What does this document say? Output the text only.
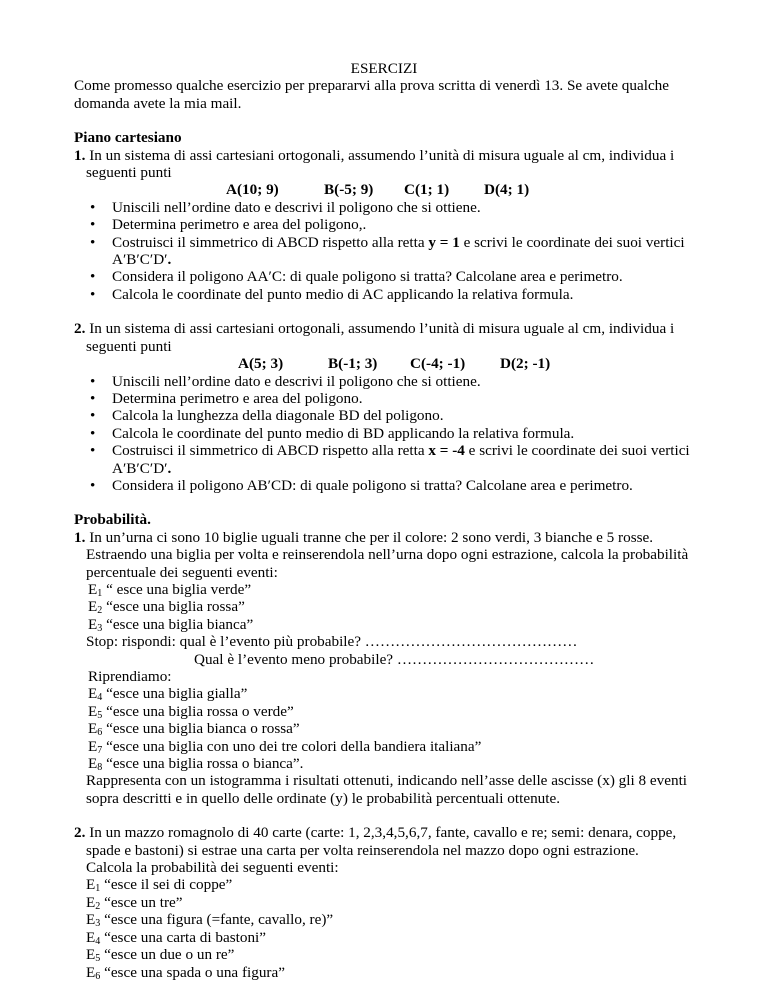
ESERCIZI

Come promesso qualche esercizio per prepararvi alla prova scritta di venerdì 13. Se avete qualche domanda avete la mia mail.

Piano cartesiano

1. In un sistema di assi cartesiani ortogonali, assumendo l’unità di misura uguale al cm, individua i seguenti punti

A(10; 9)	B(-5; 9) C(1; 1) D(4; 1)

• Uniscili nell’ordine dato e descrivi il poligono che si ottiene.
• Determina perimetro e area del poligono,.
• Costruisci il simmetrico di ABCD rispetto alla retta y = 1 e scrivi le coordinate dei suoi vertici A′B′C′D′.
• Considera il poligono AA′C: di quale poligono si tratta? Calcolane area e perimetro.
• Calcola le coordinate del punto medio di AC applicando la relativa formula.

2. In un sistema di assi cartesiani ortogonali, assumendo l’unità di misura uguale al cm, individua i seguenti punti

A(5; 3)	B(-1; 3) C(-4; -1) D(2; -1)

• Uniscili nell’ordine dato e descrivi il poligono che si ottiene.
• Determina perimetro e area del poligono.
• Calcola la lunghezza della diagonale BD del poligono.
• Calcola le coordinate del punto medio di BD applicando la relativa formula.
• Costruisci il simmetrico di ABCD rispetto alla retta x = -4 e scrivi le coordinate dei suoi vertici A′B′C′D′.
• Considera il poligono AB′CD: di quale poligono si tratta? Calcolane area e perimetro.

Probabilità.

1. In un’urna ci sono 10 biglie uguali tranne che per il colore: 2 sono verdi, 3 bianche e 5 rosse. Estraendo una biglia per volta e reinserendola nell’urna dopo ogni estrazione, calcola la probabilità percentuale dei seguenti eventi:

$E_1$ “ esce una biglia verde”

$E_2$ “esce una biglia rossa”

$E_3$ “esce una biglia bianca”

Stop: rispondi: qual è l’evento più probabile? ……………………………………

Qual è l’evento meno probabile? …………………………………

Riprendiamo:

$E_4$ “esce una biglia gialla”

$E_5$ “esce una biglia rossa o verde”

$E_6$ “esce una biglia bianca o rossa”

$E_7$ “esce una biglia con uno dei tre colori della bandiera italiana”

$E_8$ “esce una biglia rossa o bianca”.

Rappresenta con un istogramma i risultati ottenuti, indicando nell’asse delle ascisse (x) gli 8 eventi sopra descritti e in quello delle ordinate (y) le probabilità percentuali ottenute.

2. In un mazzo romagnolo di 40 carte (carte: 1, 2,3,4,5,6,7, fante, cavallo e re; semi: denara, coppe, spade e bastoni) si estrae una carta per volta reinserendola nel mazzo dopo ogni estrazione.

Calcola la probabilità dei seguenti eventi:

$E_1$ “esce il sei di coppe”

$E_2$ “esce un tre”

$E_3$ “esce una figura (=fante, cavallo, re)”

$E_4$ “esce una carta di bastoni”

$E_5$ “esce un due o un re”

$E_6$ “esce una spada o una figura”
